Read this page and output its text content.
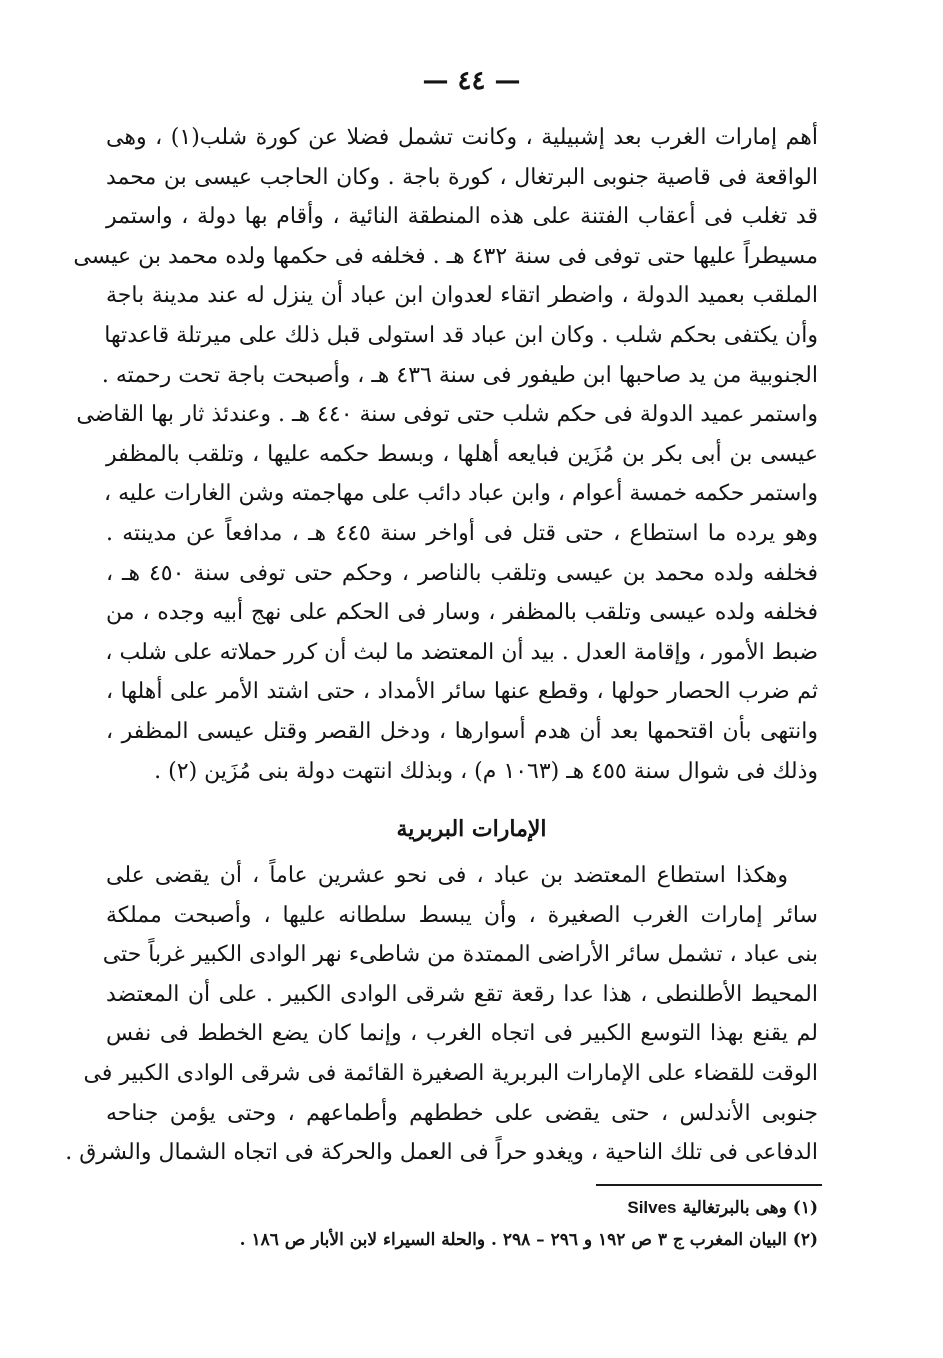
— ٤٤ —
أهم إمارات الغرب بعد إشبيلية ، وكانت تشمل فضلا عن كورة شلب(١) ، وهى
الواقعة فى قاصية جنوبى البرتغال ، كورة باجة . وكان الحاجب عيسى بن محمد
قد تغلب فى أعقاب الفتنة على هذه المنطقة النائية ، وأقام بها دولة ، واستمر
مسيطراً عليها حتى توفى فى سنة ٤٣٢ هـ . فخلفه فى حكمها ولده محمد بن عيسى
الملقب بعميد الدولة ، واضطر اتقاء لعدوان ابن عباد أن ينزل له عند مدينة باجة
وأن يكتفى بحكم شلب . وكان ابن عباد قد استولى قبل ذلك على ميرتلة قاعدتها
الجنوبية من يد صاحبها ابن طيفور فى سنة ٤٣٦ هـ ، وأصبحت باجة تحت رحمته .
واستمر عميد الدولة فى حكم شلب حتى توفى سنة ٤٤٠ هـ . وعندئذ ثار بها القاضى
عيسى بن أبى بكر بن مُزَين فبايعه أهلها ، وبسط حكمه عليها ، وتلقب بالمظفر
واستمر حكمه خمسة أعوام ، وابن عباد دائب على مهاجمته وشن الغارات عليه ،
وهو يرده ما استطاع ، حتى قتل فى أواخر سنة ٤٤٥ هـ ، مدافعاً عن مدينته .
فخلفه ولده محمد بن عيسى وتلقب بالناصر ، وحكم حتى توفى سنة ٤٥٠ هـ ،
فخلفه ولده عيسى وتلقب بالمظفر ، وسار فى الحكم على نهج أبيه وجده ، من
ضبط الأمور ، وإقامة العدل . بيد أن المعتضد ما لبث أن كرر حملاته على شلب ،
ثم ضرب الحصار حولها ، وقطع عنها سائر الأمداد ، حتى اشتد الأمر على أهلها ،
وانتهى بأن اقتحمها بعد أن هدم أسوارها ، ودخل القصر وقتل عيسى المظفر ،
وذلك فى شوال سنة ٤٥٥ هـ (١٠٦٣ م) ، وبذلك انتهت دولة بنى مُزَين (٢) .
الإمارات البربرية
وهكذا استطاع المعتضد بن عباد ، فى نحو عشرين عاماً ، أن يقضى على
سائر إمارات الغرب الصغيرة ، وأن يبسط سلطانه عليها ، وأصبحت مملكة
بنى عباد ، تشمل سائر الأراضى الممتدة من شاطىء نهر الوادى الكبير غرباً حتى
المحيط الأطلنطى ، هذا عدا رقعة تقع شرقى الوادى الكبير . على أن المعتضد
لم يقنع بهذا التوسع الكبير فى اتجاه الغرب ، وإنما كان يضع الخطط فى نفس
الوقت للقضاء على الإمارات البربرية الصغيرة القائمة فى شرقى الوادى الكبير فى
جنوبى الأندلس ، حتى يقضى على خططهم وأطماعهم ، وحتى يؤمن جناحه
الدفاعى فى تلك الناحية ، ويغدو حراً فى العمل والحركة فى اتجاه الشمال والشرق .
(١) وهى بالبرتغالية Silves
(٢) البيان المغرب ج ٣ ص ١٩٢ و ٢٩٦ – ٢٩٨ . والحلة السيراء لابن الأبار ص ١٨٦ .
